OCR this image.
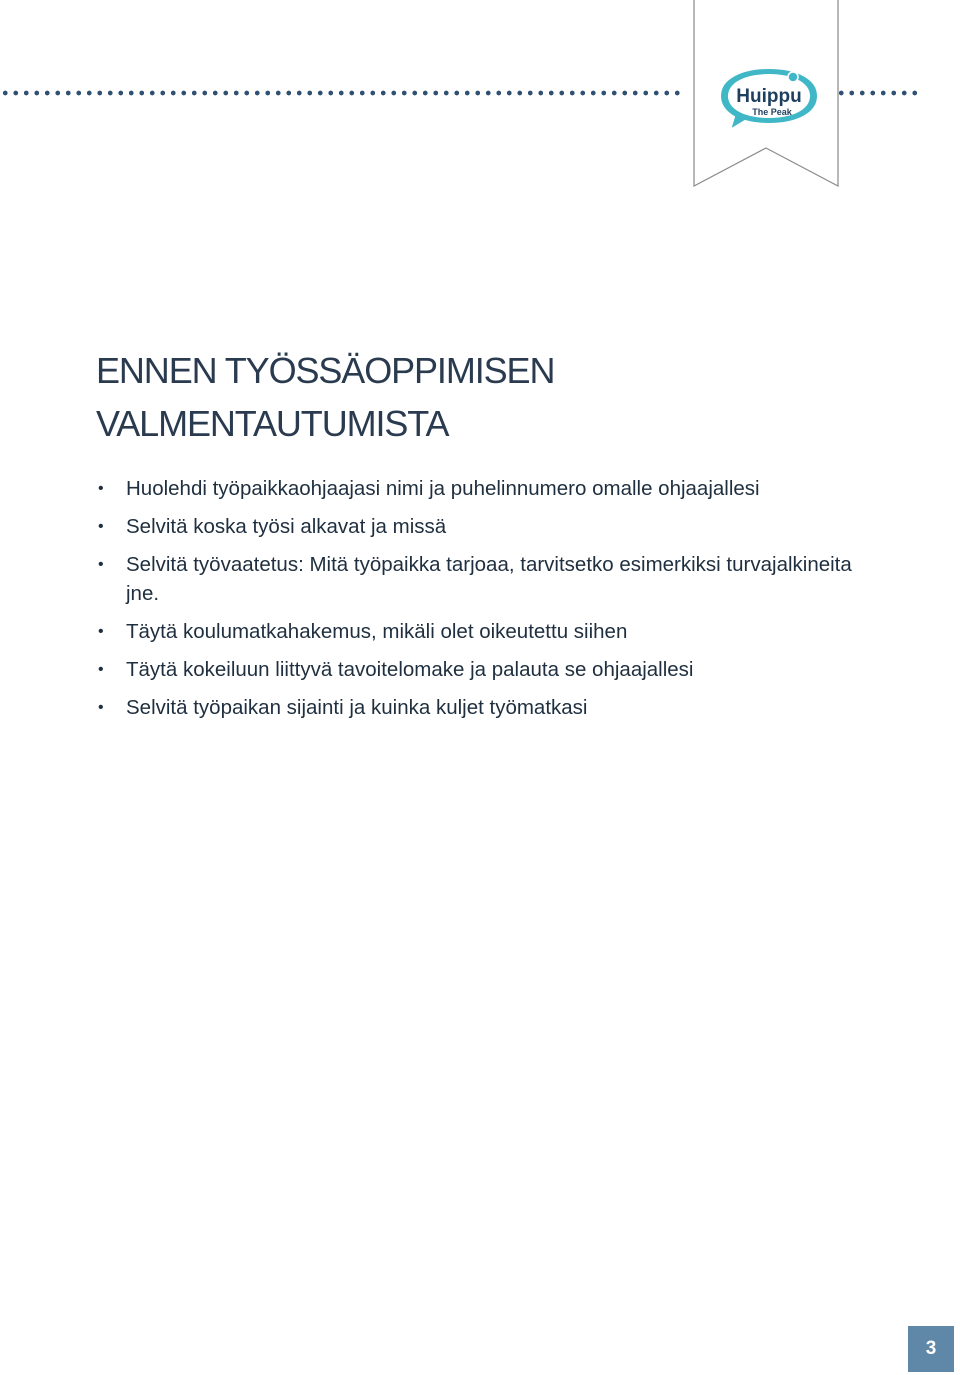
Huippu
The Peak
ENNEN TYÖSSÄOPPIMISEN
VALMENTAUTUMISTA
• Huolehdi työpaikkaohjaajasi nimi ja puhelinnumero omalle ohjaajallesi
• Selvitä koska työsi alkavat ja missä
• Selvitä työvaatetus: Mitä työpaikka tarjoaa, tarvitsetko esimerkiksi turvajalkineita jne.
• Täytä koulumatkahakemus, mikäli olet oikeutettu siihen
• Täytä kokeiluun liittyvä tavoitelomake ja palauta se ohjaajallesi
• Selvitä työpaikan sijainti ja kuinka kuljet työmatkasi
3
